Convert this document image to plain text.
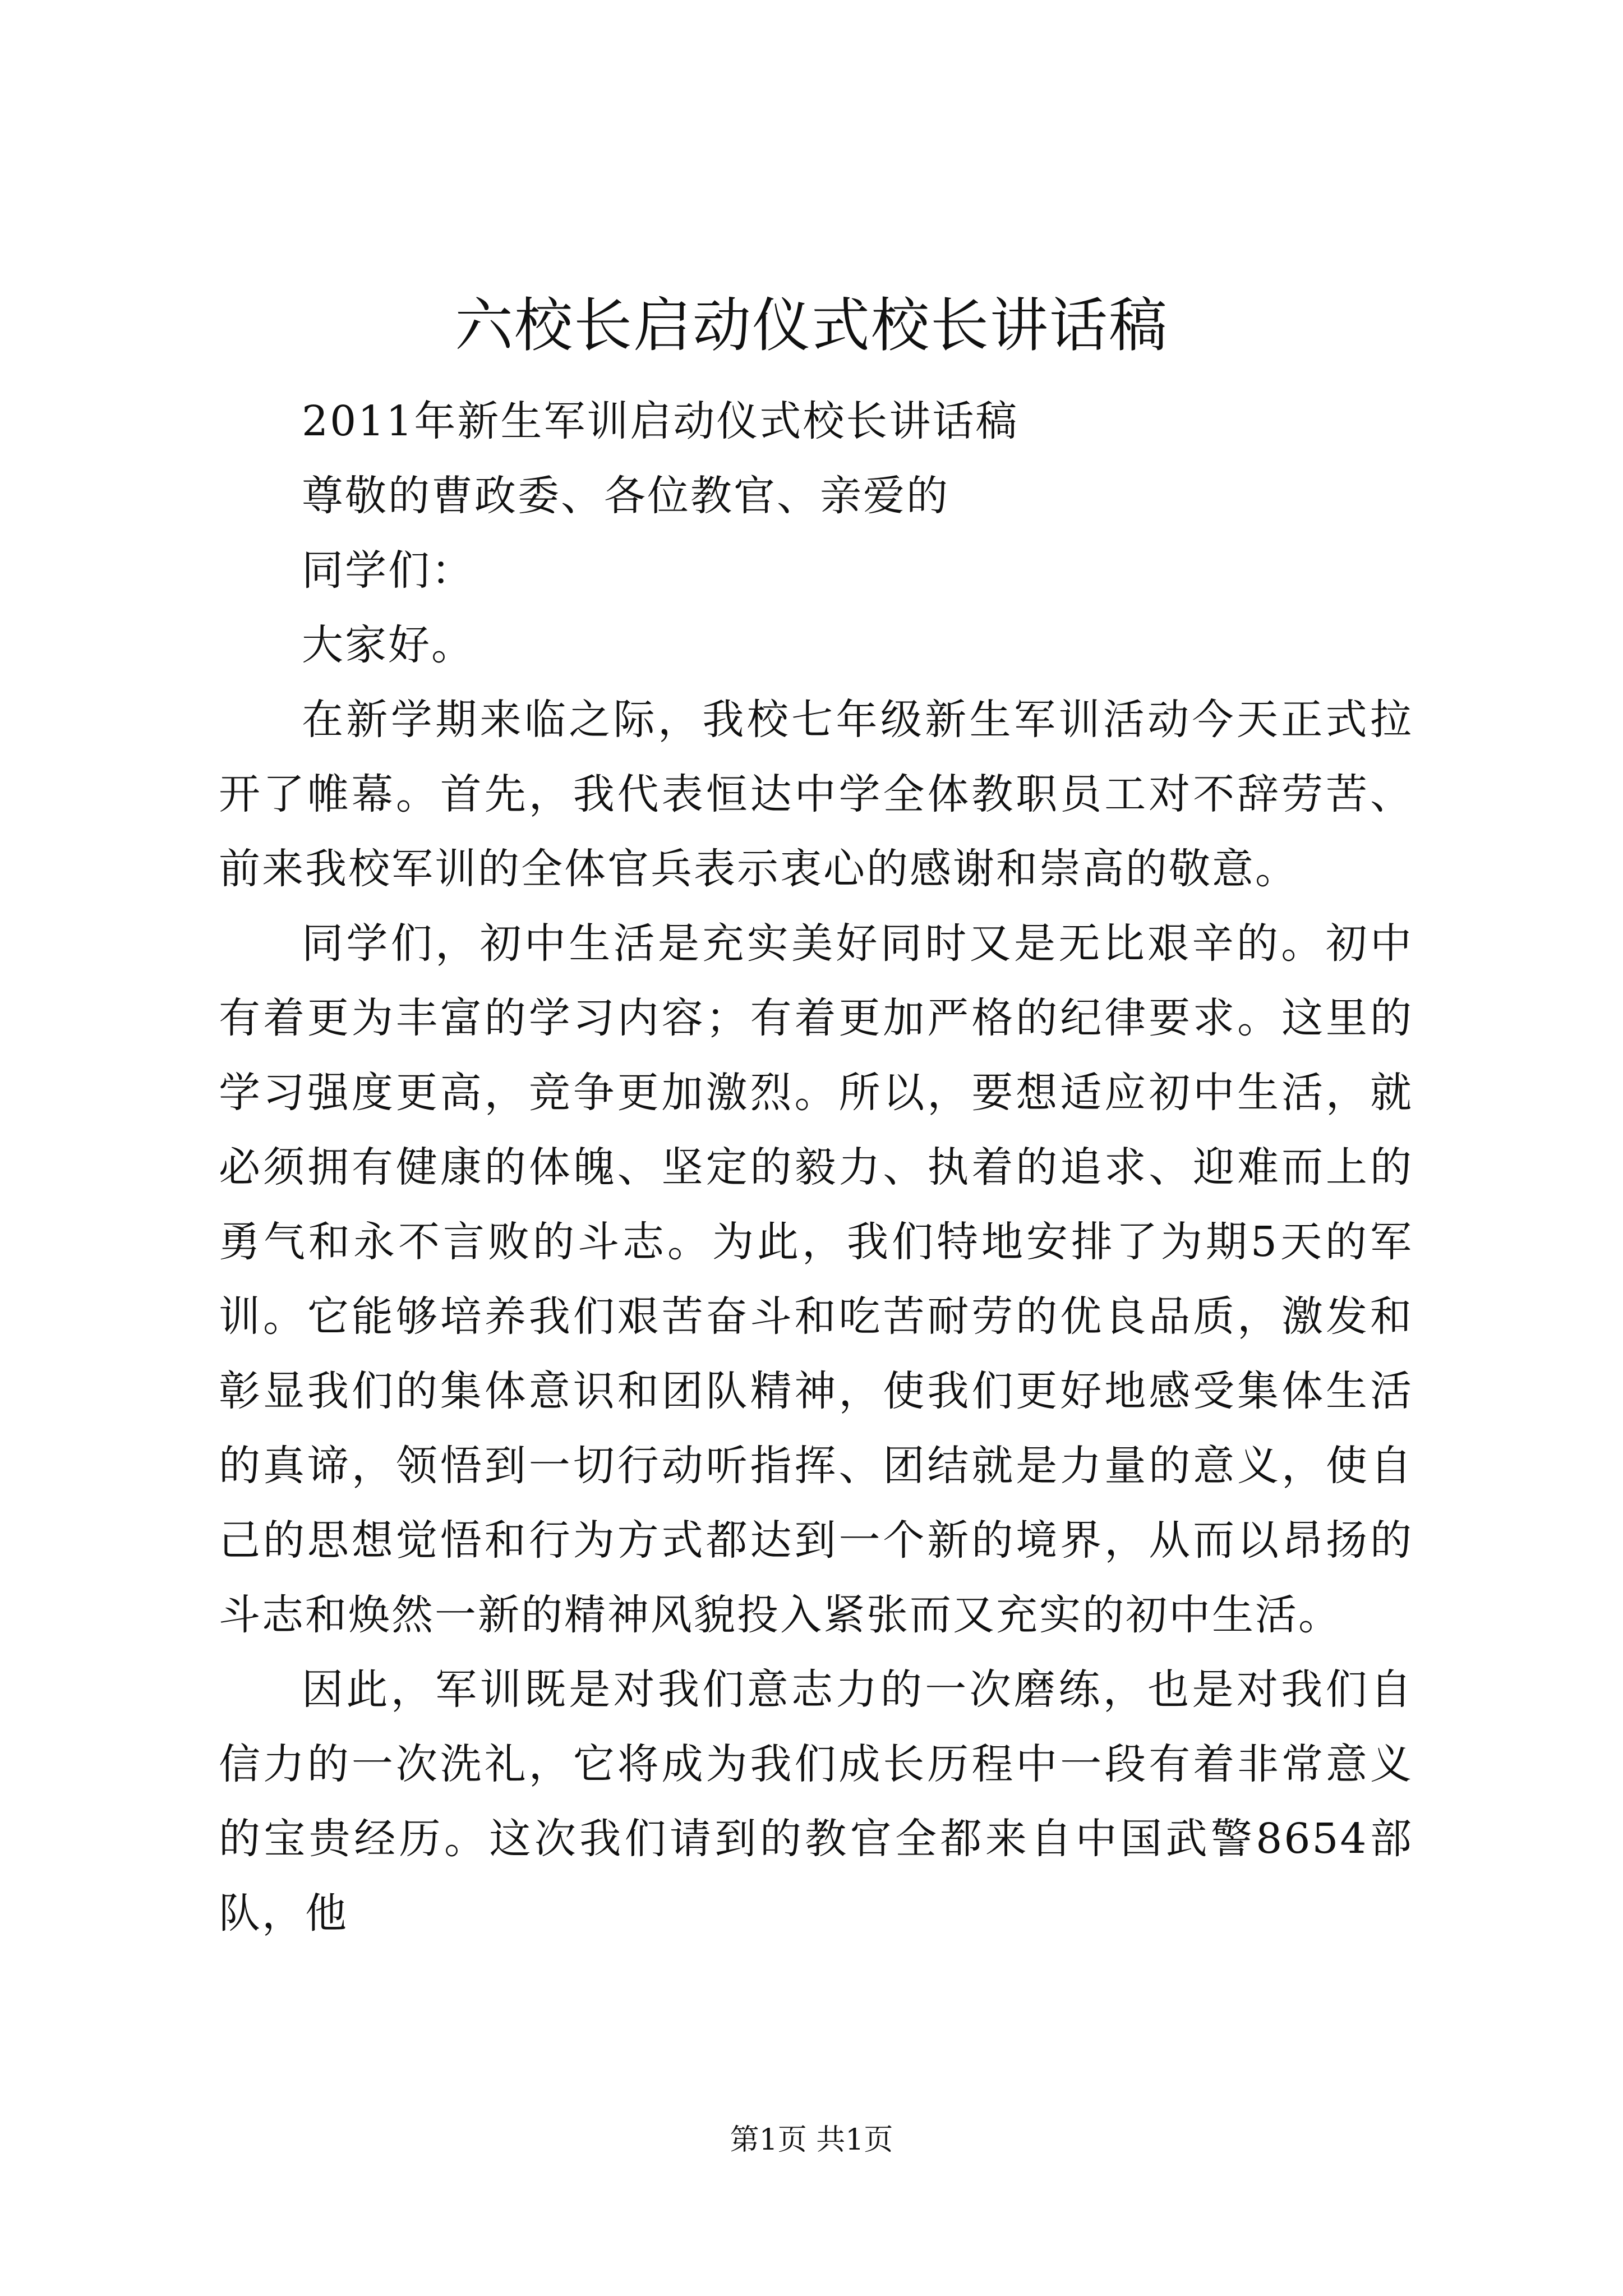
六校长启动仪式校长讲话稿

2011年新生军训启动仪式校长讲话稿

尊敬的曹政委、各位教官、亲爱的

同学们：

大家好。

在新学期来临之际，我校七年级新生军训活动今天正式拉开了帷幕。首先，我代表恒达中学全体教职员工对不辞劳苦、前来我校军训的全体官兵表示衷心的感谢和崇高的敬意。

同学们，初中生活是充实美好同时又是无比艰辛的。初中有着更为丰富的学习内容；有着更加严格的纪律要求。这里的学习强度更高，竞争更加激烈。所以，要想适应初中生活，就必须拥有健康的体魄、坚定的毅力、执着的追求、迎难而上的勇气和永不言败的斗志。为此，我们特地安排了为期5天的军训。它能够培养我们艰苦奋斗和吃苦耐劳的优良品质，激发和彰显我们的集体意识和团队精神，使我们更好地感受集体生活的真谛，领悟到一切行动听指挥、团结就是力量的意义，使自己的思想觉悟和行为方式都达到一个新的境界，从而以昂扬的斗志和焕然一新的精神风貌投入紧张而又充实的初中生活。

因此，军训既是对我们意志力的一次磨练，也是对我们自信力的一次洗礼，它将成为我们成长历程中一段有着非常意义的宝贵经历。这次我们请到的教官全都来自中国武警8654部队，他

第1页 共1页
